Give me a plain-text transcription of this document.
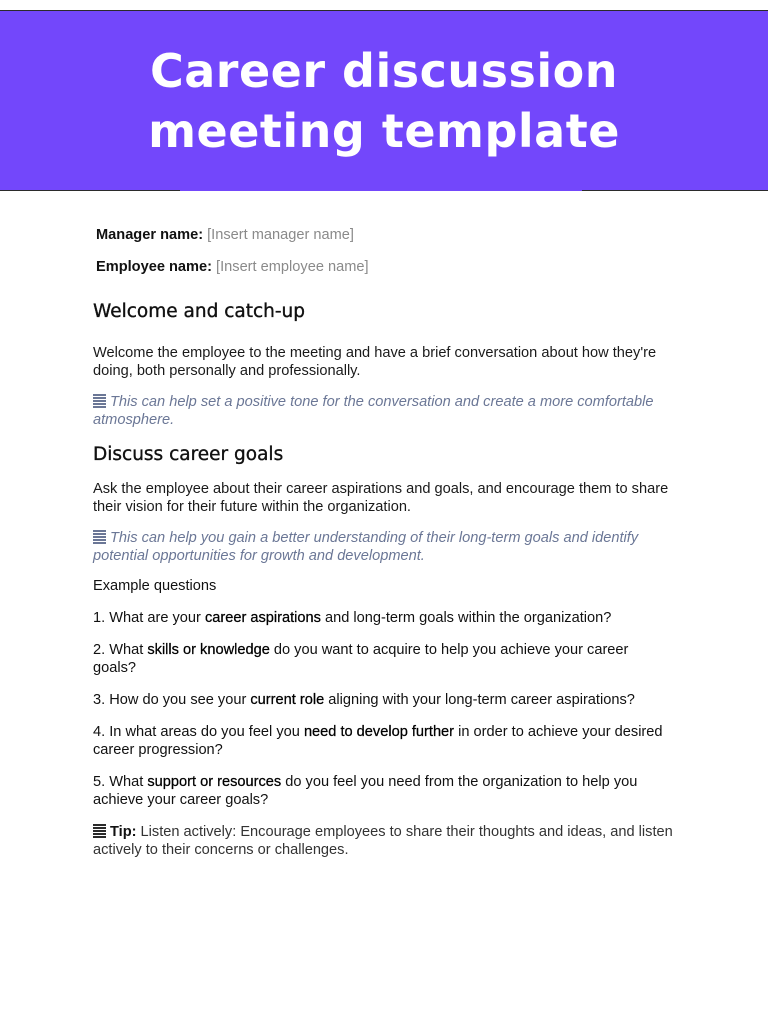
Career discussion
meeting template
Manager name: [Insert manager name]
Employee name: [Insert employee name]
Welcome and catch-up

Welcome the employee to the meeting and have a brief conversation about how they're doing, both personally and professionally.

This can help set a positive tone for the conversation and create a more comfortable atmosphere.

Discuss career goals

Ask the employee about their career aspirations and goals, and encourage them to share their vision for their future within the organization.

This can help you gain a better understanding of their long-term goals and identify potential opportunities for growth and development.

Example questions

1. What are your career aspirations and long-term goals within the organization?

2. What skills or knowledge do you want to acquire to help you achieve your career goals?

3. How do you see your current role aligning with your long-term career aspirations?

4. In what areas do you feel you need to develop further in order to achieve your desired career progression?

5. What support or resources do you feel you need from the organization to help you achieve your career goals?

Tip: Listen actively: Encourage employees to share their thoughts and ideas, and listen actively to their concerns or challenges.
